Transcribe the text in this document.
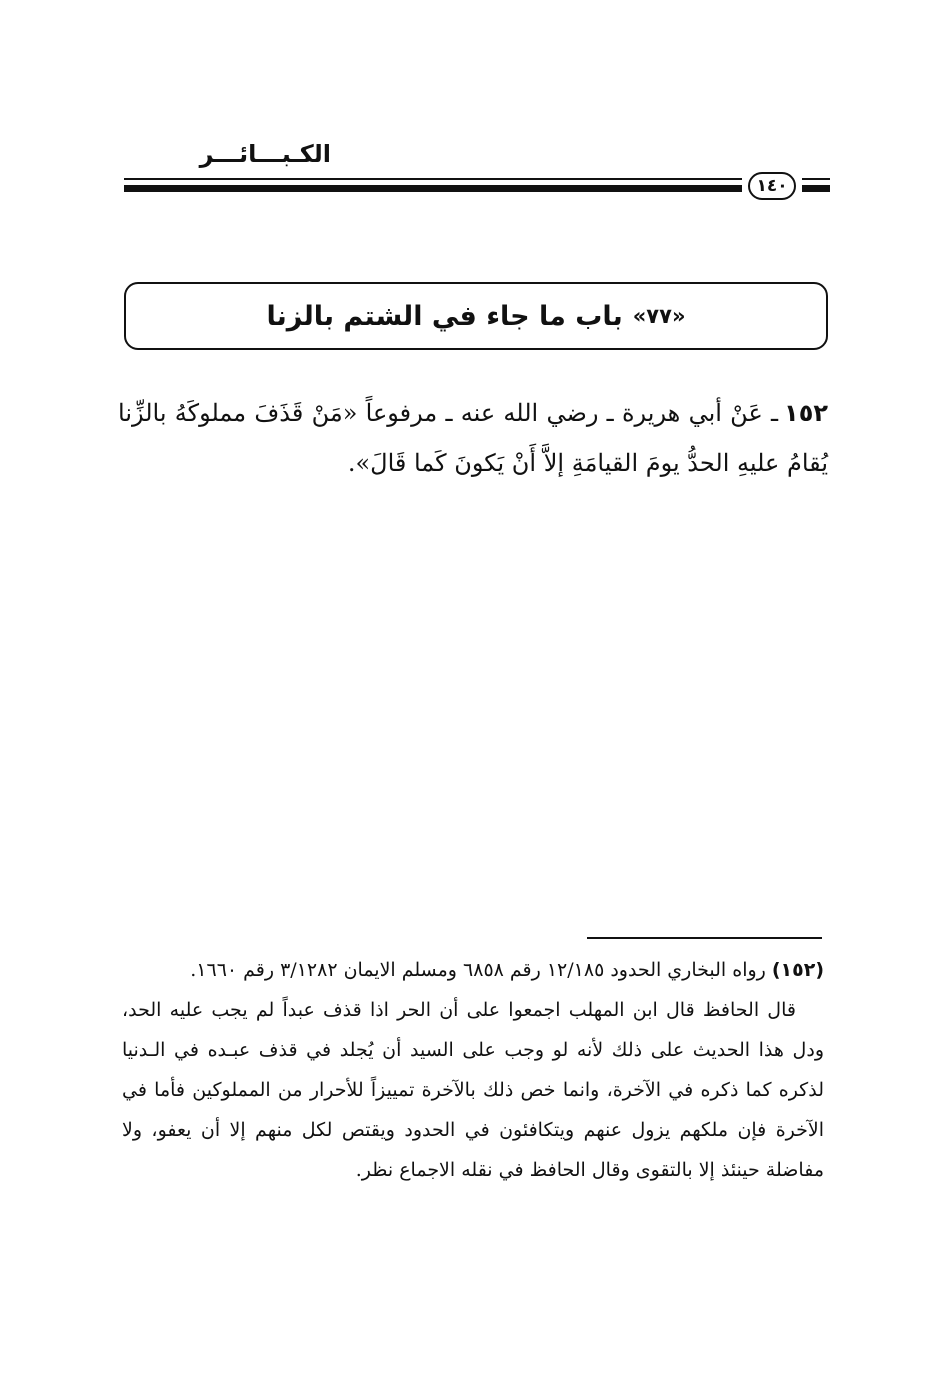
الكـبـــائـــر
١٤٠
«٧٧»
باب ما جاء في الشتم بالزنا
١٥٢ـ عَنْ أبي هريرة ـ رضي الله عنه ـ مرفوعاً «مَنْ قَذَفَ مملوكَهُ بالزِّنا يُقامُ عليهِ الحدُّ يومَ القيامَةِ إلاَّ أَنْ يَكونَ كَما قَالَ».

(١٥٢)رواه البخاري الحدود ١٢/١٨٥ رقم ٦٨٥٨ ومسلم الايمان ٣/١٢٨٢ رقم ١٦٦٠.

قال الحافظ قال ابن المهلب اجمعوا على أن الحر اذا قذف عبداً لم يجب عليه الحد، ودل هذا الحديث على ذلك لأنه لو وجب على السيد أن يُجلد في قذف عبـده في الـدنيا لذكره كما ذكره في الآخرة، وانما خص ذلك بالآخرة تمييزاً للأحرار من المملوكين فأما في الآخرة فإن ملكهم يزول عنهم ويتكافئون في الحدود ويقتص لكل منهم إلا أن يعفو، ولا مفاضلة حينئذ إلا بالتقوى وقال الحافظ في نقله الاجماع نظر.
